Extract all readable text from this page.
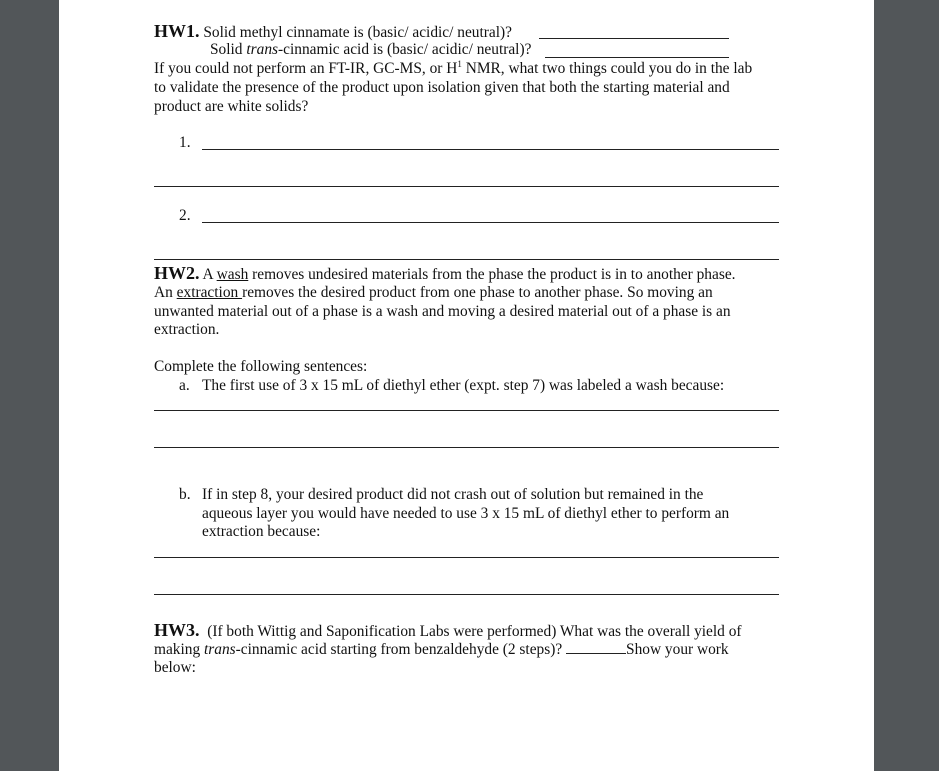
HW1. Solid methyl cinnamate is (basic/ acidic/ neutral)?
Solid trans-cinnamic acid is (basic/ acidic/ neutral)?
If you could not perform an FT-IR, GC-MS, or $H^1$ NMR, what two things could you do in the lab
to validate the presence of the product upon isolation given that both the starting material and
product are white solids?
1.
2.
HW2. A wash removes undesired materials from the phase the product is in to another phase.
An extraction removes the desired product from one phase to another phase. So moving an
unwanted material out of a phase is a wash and moving a desired material out of a phase is an
extraction.
Complete the following sentences:
a. The first use of 3 x 15 mL of diethyl ether (expt. step 7) was labeled a wash because:
b. If in step 8, your desired product did not crash out of solution but remained in the
aqueous layer you would have needed to use 3 x 15 mL of diethyl ether to perform an
extraction because:
HW3.  (If both Wittig and Saponification Labs were performed) What was the overall yield of
making trans-cinnamic acid starting from benzaldehyde (2 steps)?	Show your work
below:
